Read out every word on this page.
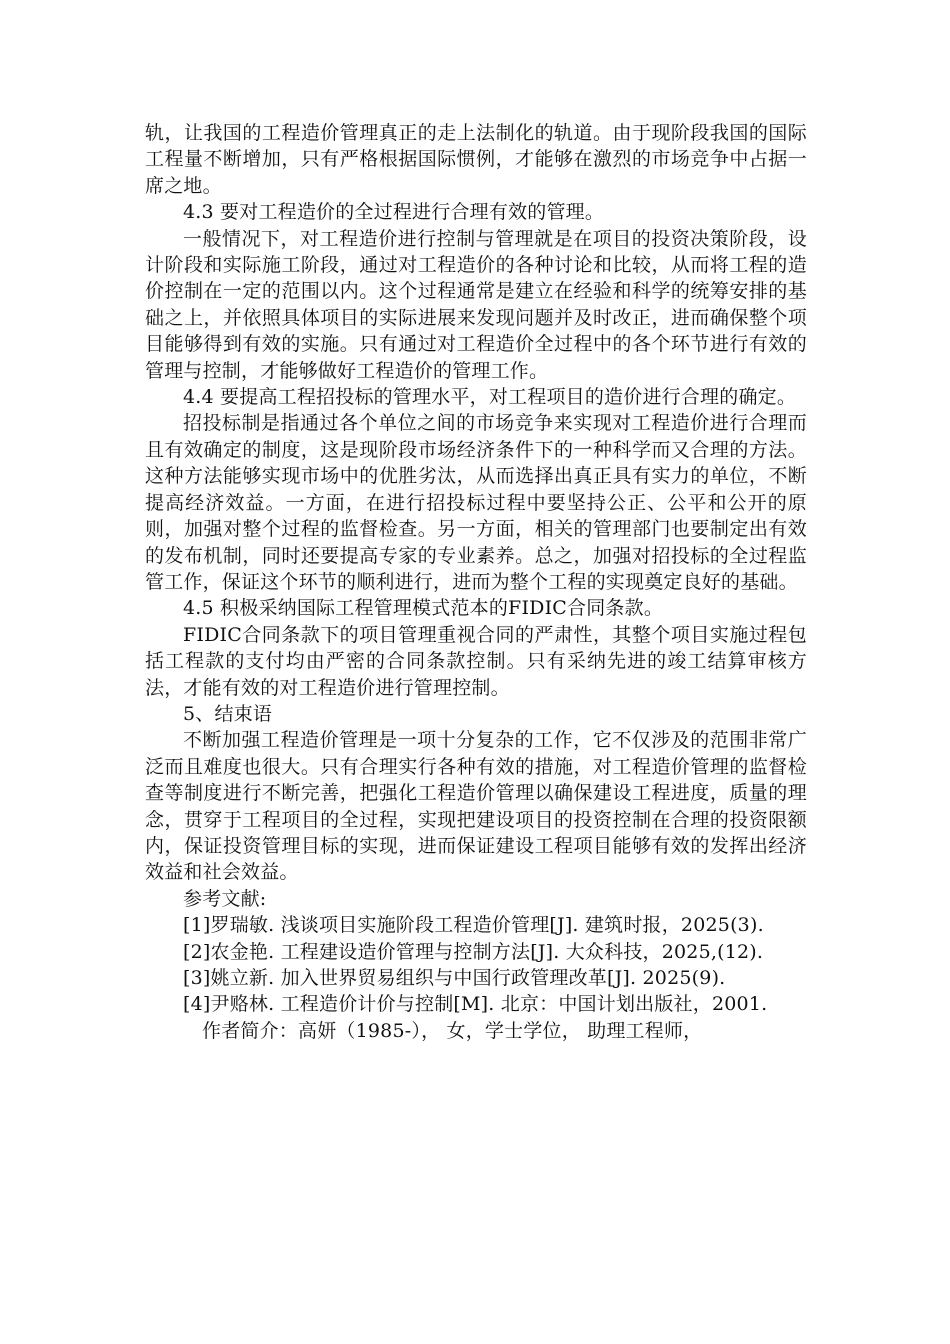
轨，让我国的工程造价管理真正的走上法制化的轨道。由于现阶段我国的国际工程量不断增加，只有严格根据国际惯例，才能够在激烈的市场竞争中占据一席之地。

4.3 要对工程造价的全过程进行合理有效的管理。

一般情况下，对工程造价进行控制与管理就是在项目的投资决策阶段，设计阶段和实际施工阶段，通过对工程造价的各种讨论和比较，从而将工程的造价控制在一定的范围以内。这个过程通常是建立在经验和科学的统筹安排的基础之上，并依照具体项目的实际进展来发现问题并及时改正，进而确保整个项目能够得到有效的实施。只有通过对工程造价全过程中的各个环节进行有效的管理与控制，才能够做好工程造价的管理工作。

4.4 要提高工程招投标的管理水平，对工程项目的造价进行合理的确定。

招投标制是指通过各个单位之间的市场竞争来实现对工程造价进行合理而且有效确定的制度，这是现阶段市场经济条件下的一种科学而又合理的方法。这种方法能够实现市场中的优胜劣汰，从而选择出真正具有实力的单位，不断提高经济效益。一方面，在进行招投标过程中要坚持公正、公平和公开的原则，加强对整个过程的监督检查。另一方面，相关的管理部门也要制定出有效的发布机制，同时还要提高专家的专业素养。总之，加强对招投标的全过程监管工作，保证这个环节的顺利进行，进而为整个工程的实现奠定良好的基础。

4.5 积极采纳国际工程管理模式范本的FIDIC合同条款。

FIDIC合同条款下的项目管理重视合同的严肃性，其整个项目实施过程包括工程款的支付均由严密的合同条款控制。只有采纳先进的竣工结算审核方法，才能有效的对工程造价进行管理控制。

5、结束语

不断加强工程造价管理是一项十分复杂的工作，它不仅涉及的范围非常广泛而且难度也很大。只有合理实行各种有效的措施，对工程造价管理的监督检查等制度进行不断完善，把强化工程造价管理以确保建设工程进度，质量的理念，贯穿于工程项目的全过程，实现把建设项目的投资控制在合理的投资限额内，保证投资管理目标的实现，进而保证建设工程项目能够有效的发挥出经济效益和社会效益。

参考文献:

[1]罗瑞敏. 浅谈项目实施阶段工程造价管理[J]. 建筑时报，2025(3).

[2]农金艳. 工程建设造价管理与控制方法[J]. 大众科技，2025,(12).

[3]姚立新. 加入世界贸易组织与中国行政管理改革[J]. 2025(9).

[4]尹赂林. 工程造价计价与控制[M]. 北京：中国计划出版社，2001.

作者简介：高妍（1985-）， 女，学士学位， 助理工程师，
